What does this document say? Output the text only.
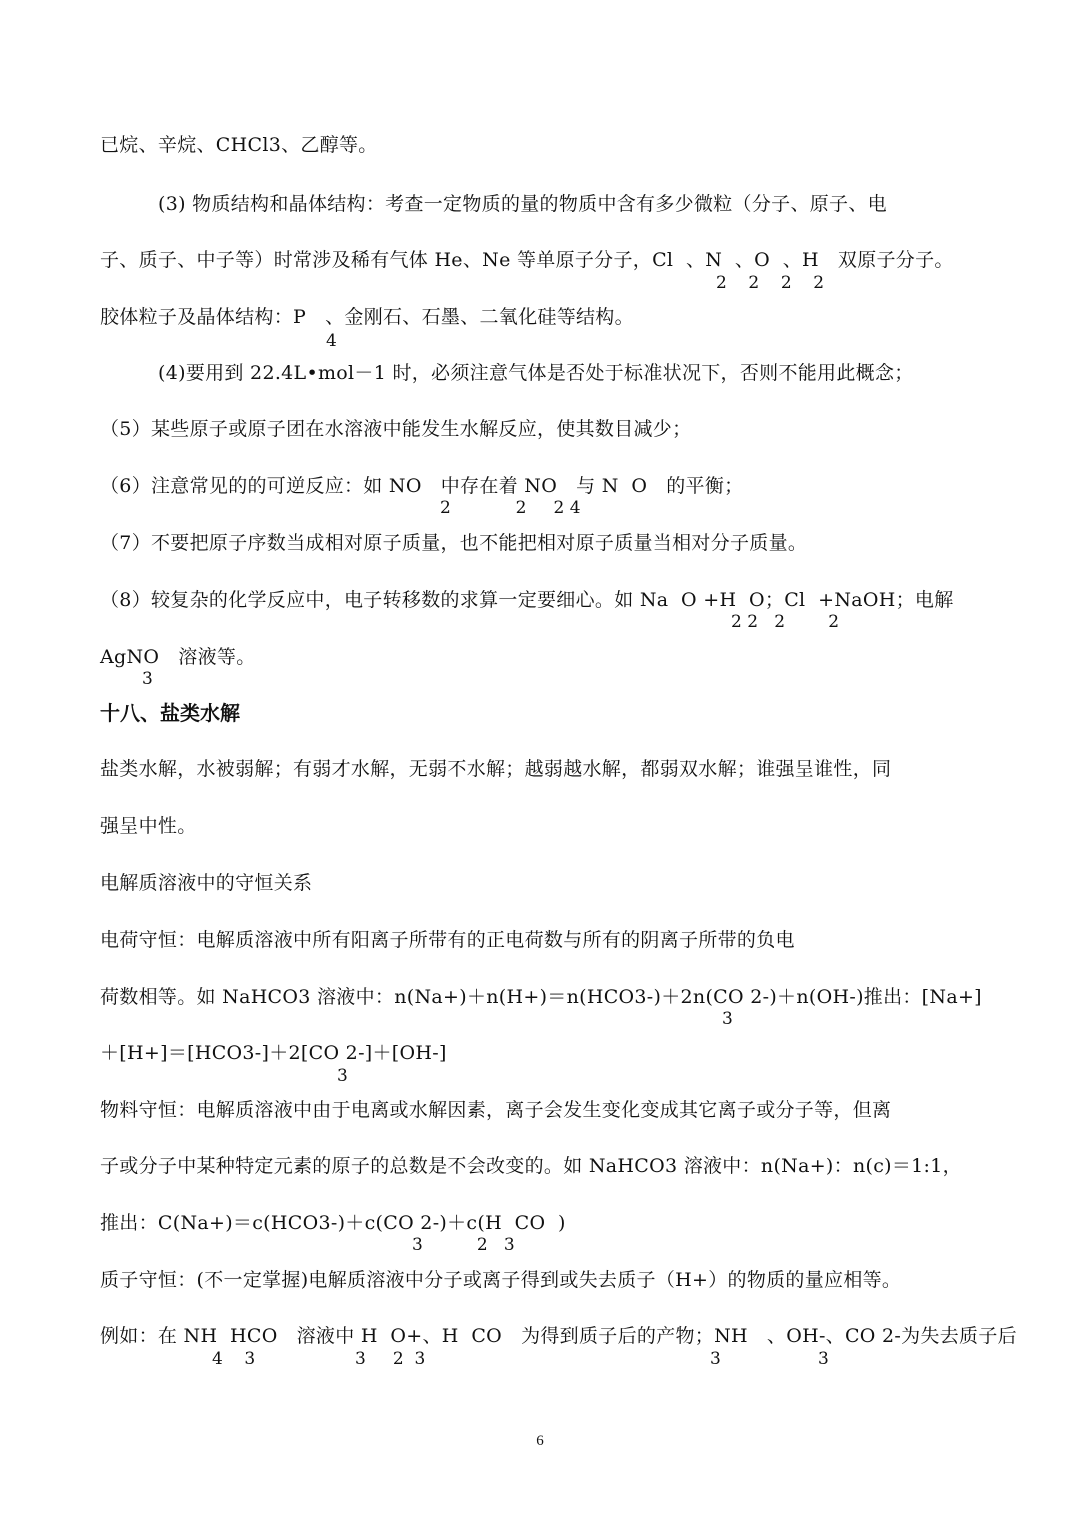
已烷、辛烷、CHCl3、乙醇等。
(3) 物质结构和晶体结构：考查一定物质的量的物质中含有多少微粒（分子、原子、电
子、质子、中子等）时常涉及稀有气体 He、Ne 等单原子分子，Cl  、N  、O  、H   双原子分子。
2    2    2    2
胶体粒子及晶体结构：P   、金刚石、石墨、二氧化硅等结构。
4
(4)要用到 22.4L•mol－1 时，必须注意气体是否处于标准状况下，否则不能用此概念；
（5）某些原子或原子团在水溶液中能发生水解反应，使其数目减少；
（6）注意常见的的可逆反应：如 NO   中存在着 NO   与 N  O   的平衡；
2            2     2 4
（7）不要把原子序数当成相对原子质量，也不能把相对原子质量当相对分子质量。
（8）较复杂的化学反应中，电子转移数的求算一定要细心。如 Na  O +H  O；Cl  +NaOH；电解
2 2   2        2
AgNO   溶液等。
3
十八、盐类水解
盐类水解，水被弱解；有弱才水解，无弱不水解；越弱越水解，都弱双水解；谁强呈谁性，同
强呈中性。
电解质溶液中的守恒关系
电荷守恒：电解质溶液中所有阳离子所带有的正电荷数与所有的阴离子所带的负电
荷数相等。如 NaHCO3 溶液中：n(Na+)＋n(H+)＝n(HCO3-)＋2n(CO 2-)＋n(OH-)推出：[Na+]
3
＋[H+]＝[HCO3-]＋2[CO 2-]＋[OH-]
3
物料守恒：电解质溶液中由于电离或水解因素，离子会发生变化变成其它离子或分子等，但离
子或分子中某种特定元素的原子的总数是不会改变的。如 NaHCO3 溶液中：n(Na+)：n(c)＝1:1，
推出：C(Na+)＝c(HCO3-)＋c(CO 2-)＋c(H  CO  )
3          2   3
质子守恒：(不一定掌握)电解质溶液中分子或离子得到或失去质子（H+）的物质的量应相等。
例如：在 NH  HCO   溶液中 H  O+、H  CO   为得到质子后的产物；NH   、OH-、CO 2-为失去质子后
4    3	3     2  3	3	3
6
